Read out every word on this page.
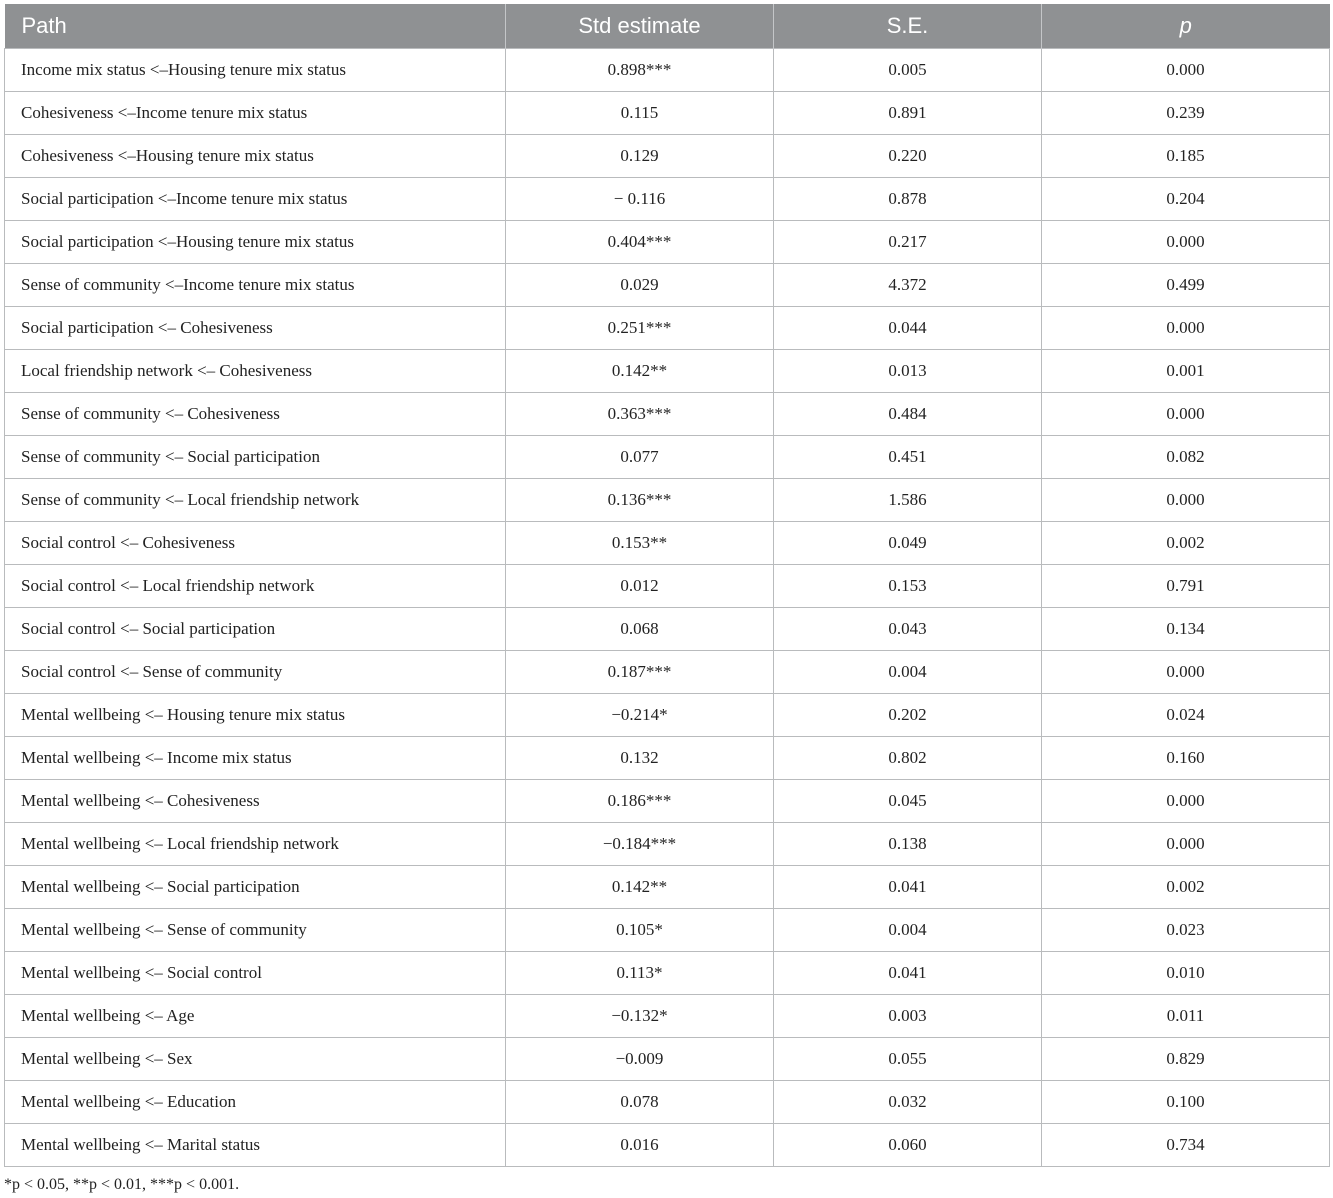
Path	Std estimate	S.E.	p
Income mix status <–Housing tenure mix status	0.898***	0.005	0.000
Cohesiveness <–Income tenure mix status	0.115	0.891	0.239
Cohesiveness <–Housing tenure mix status	0.129	0.220	0.185
Social participation <–Income tenure mix status	− 0.116	0.878	0.204
Social participation <–Housing tenure mix status	0.404***	0.217	0.000
Sense of community <–Income tenure mix status	0.029	4.372	0.499
Social participation <– Cohesiveness	0.251***	0.044	0.000
Local friendship network <– Cohesiveness	0.142**	0.013	0.001
Sense of community <– Cohesiveness	0.363***	0.484	0.000
Sense of community <– Social participation	0.077	0.451	0.082
Sense of community <– Local friendship network	0.136***	1.586	0.000
Social control <– Cohesiveness	0.153**	0.049	0.002
Social control <– Local friendship network	0.012	0.153	0.791
Social control <– Social participation	0.068	0.043	0.134
Social control <– Sense of community	0.187***	0.004	0.000
Mental wellbeing <– Housing tenure mix status	−0.214*	0.202	0.024
Mental wellbeing <– Income mix status	0.132	0.802	0.160
Mental wellbeing <– Cohesiveness	0.186***	0.045	0.000
Mental wellbeing <– Local friendship network	−0.184***	0.138	0.000
Mental wellbeing <– Social participation	0.142**	0.041	0.002
Mental wellbeing <– Sense of community	0.105*	0.004	0.023
Mental wellbeing <– Social control	0.113*	0.041	0.010
Mental wellbeing <– Age	−0.132*	0.003	0.011
Mental wellbeing <– Sex	−0.009	0.055	0.829
Mental wellbeing <– Education	0.078	0.032	0.100
Mental wellbeing <– Marital status	0.016	0.060	0.734
*p < 0.05, **p < 0.01, ***p < 0.001.
